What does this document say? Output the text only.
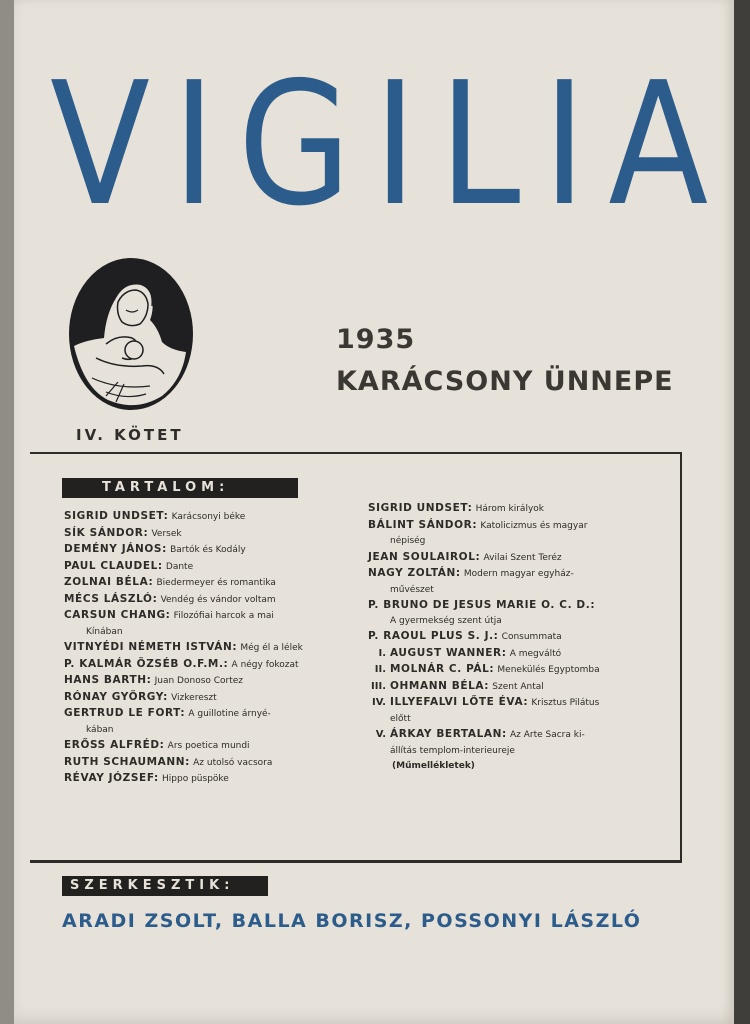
VIGILIA
1935
KARÁCSONY ÜNNEPE
IV. KÖTET
TARTALOM:
SIGRID UNDSET: Karácsonyi béke
SÍK SÁNDOR: Versek
DEMÉNY JÁNOS: Bartók és Kodály
PAUL CLAUDEL: Dante
ZOLNAI BÉLA: Biedermeyer és romantika
MÉCS LÁSZLÓ: Vendég és vándor voltam
CARSUN CHANG: Filozófiai harcok a mai
Kínában
VITNYÉDI NÉMETH ISTVÁN: Még él a lélek
P. KALMÁR ÖZSÉB O.F.M.: A négy fokozat
HANS BARTH: Juan Donoso Cortez
RÓNAY GYÖRGY: Vizkereszt
GERTRUD LE FORT: A guillotine árnyé-
kában
ERŐSS ALFRÉD: Ars poetica mundi
RUTH SCHAUMANN: Az utolsó vacsora
RÉVAY JÓZSEF: Hippo püspöke
SIGRID UNDSET: Három királyok
BÁLINT SÁNDOR: Katolicizmus és magyar
népiség
JEAN SOULAIROL: Avilai Szent Teréz
NAGY ZOLTÁN: Modern magyar egyház-
művészet
P. BRUNO DE JESUS MARIE O. C. D.:
A gyermekség szent útja
P. RAOUL PLUS S. J.: Consummata
I. AUGUST WANNER: A megváltó
II. MOLNÁR C. PÁL: Menekülés Egyptomba
III. OHMANN BÉLA: Szent Antal
IV. ILLYEFALVI LŐTE ÉVA: Krisztus Pilátus
előtt
V. ÁRKAY BERTALAN: Az Arte Sacra ki-
állítás templom-interieureje
(Műmellékletek)
SZERKESZTIK:
ARADI ZSOLT, BALLA BORISZ, POSSONYI LÁSZLÓ
